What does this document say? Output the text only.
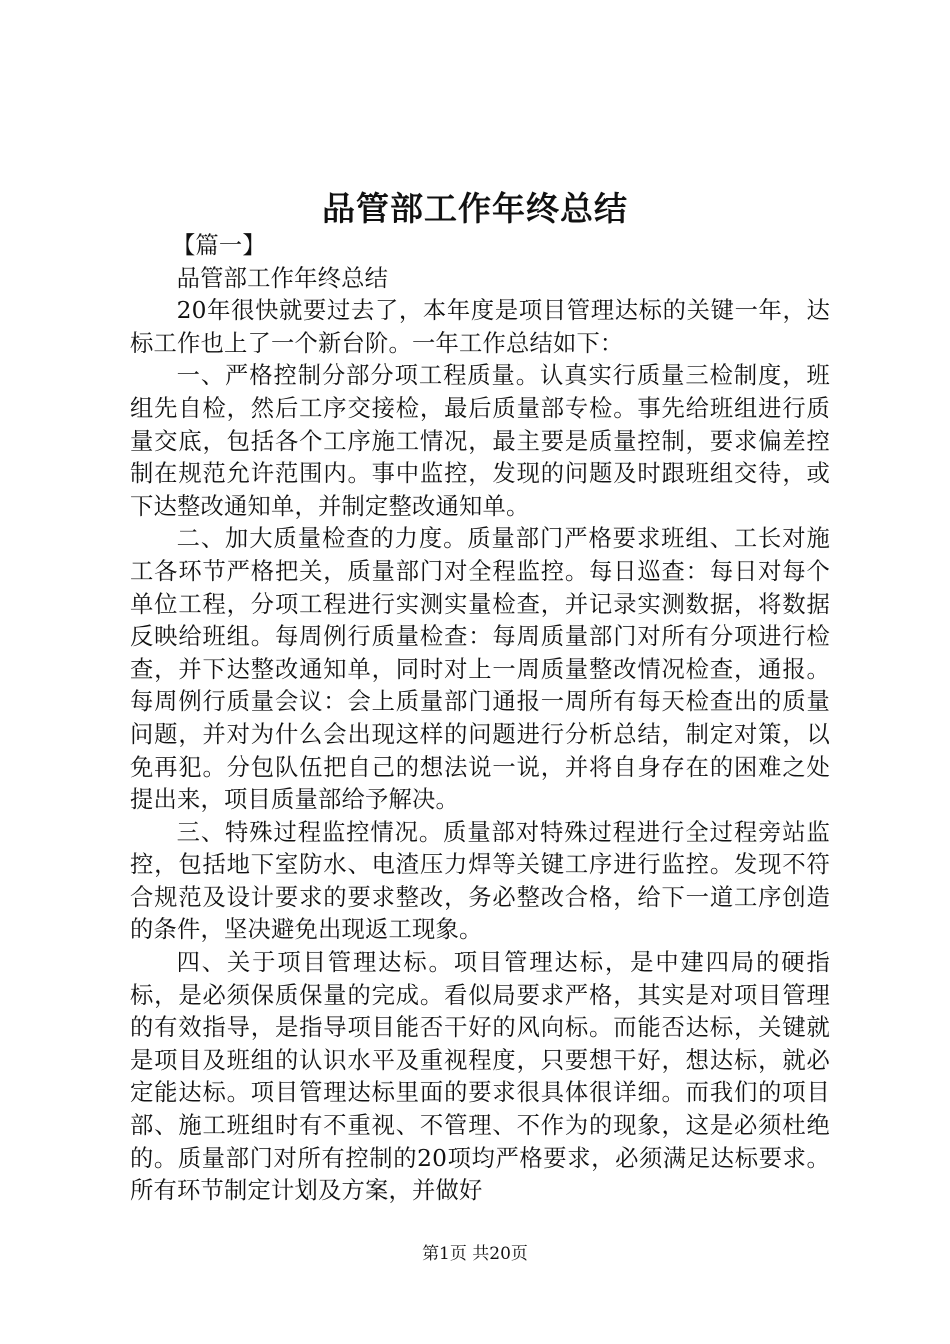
品管部工作年终总结

【篇一】

品管部工作年终总结

20年很快就要过去了，本年度是项目管理达标的关键一年，达标工作也上了一个新台阶。一年工作总结如下：

一、严格控制分部分项工程质量。认真实行质量三检制度，班组先自检，然后工序交接检，最后质量部专检。事先给班组进行质量交底，包括各个工序施工情况，最主要是质量控制，要求偏差控制在规范允许范围内。事中监控，发现的问题及时跟班组交待，或下达整改通知单，并制定整改通知单。

二、加大质量检查的力度。质量部门严格要求班组、工长对施工各环节严格把关，质量部门对全程监控。每日巡查：每日对每个单位工程，分项工程进行实测实量检查，并记录实测数据，将数据反映给班组。每周例行质量检查：每周质量部门对所有分项进行检查，并下达整改通知单，同时对上一周质量整改情况检查，通报。每周例行质量会议：会上质量部门通报一周所有每天检查出的质量问题，并对为什么会出现这样的问题进行分析总结，制定对策，以免再犯。分包队伍把自己的想法说一说，并将自身存在的困难之处提出来，项目质量部给予解决。

三、特殊过程监控情况。质量部对特殊过程进行全过程旁站监控，包括地下室防水、电渣压力焊等关键工序进行监控。发现不符合规范及设计要求的要求整改，务必整改合格，给下一道工序创造的条件，坚决避免出现返工现象。

四、关于项目管理达标。项目管理达标，是中建四局的硬指标，是必须保质保量的完成。看似局要求严格，其实是对项目管理的有效指导，是指导项目能否干好的风向标。而能否达标，关键就是项目及班组的认识水平及重视程度，只要想干好，想达标，就必定能达标。项目管理达标里面的要求很具体很详细。而我们的项目部、施工班组时有不重视、不管理、不作为的现象，这是必须杜绝的。质量部门对所有控制的20项均严格要求，必须满足达标要求。所有环节制定计划及方案，并做好

第1页 共20页
